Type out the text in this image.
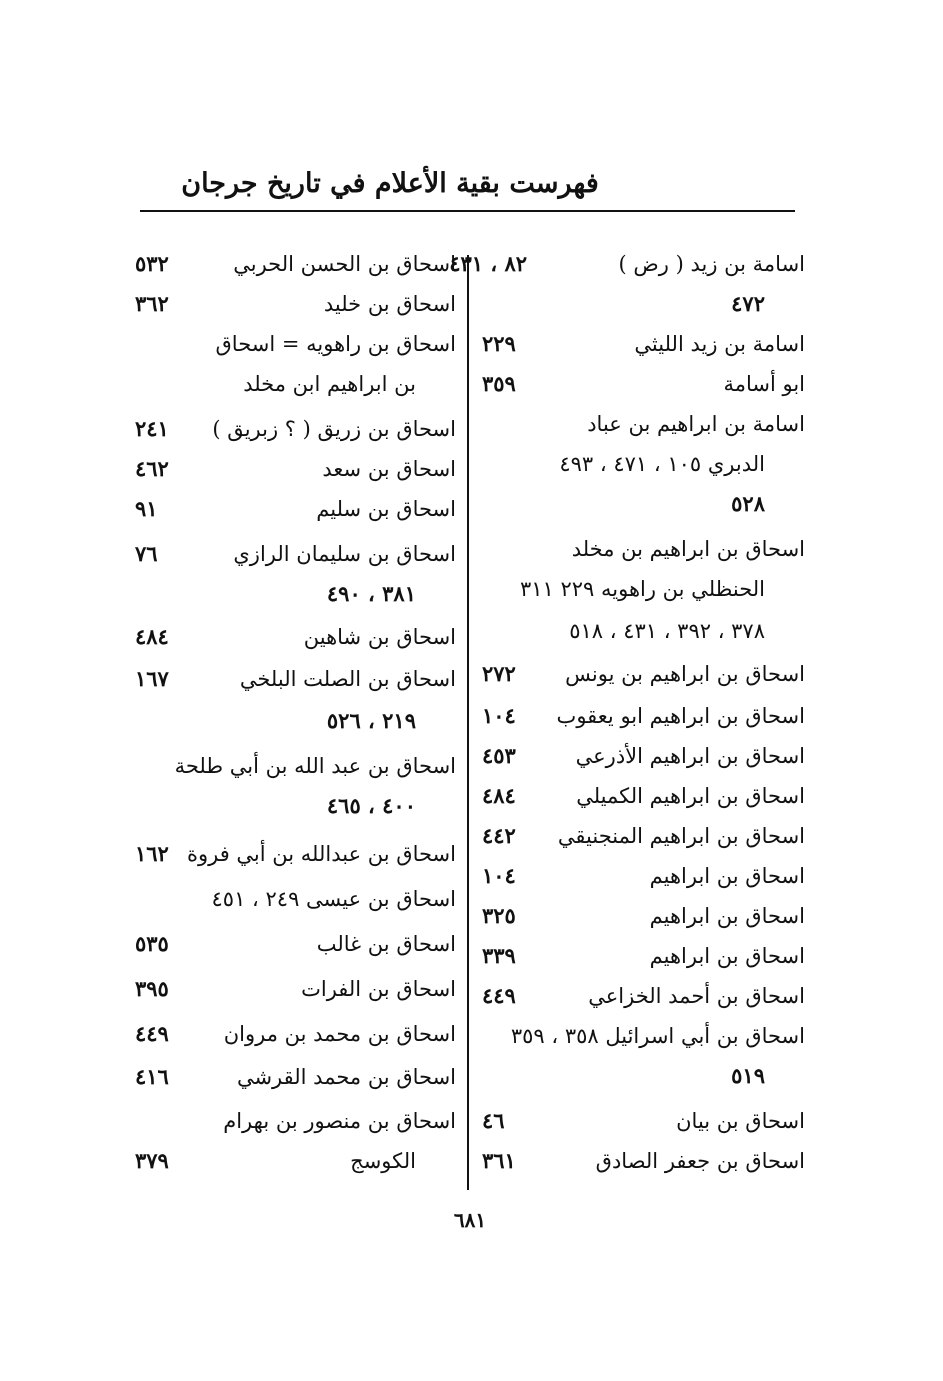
فهرست بقية الأعلام في تاريخ جرجان
اسامة بن زيد ( رض )
٨٢ ، ٤٣١
٤٧٢
اسامة بن زيد الليثي
٢٢٩
ابو أسامة
٣٥٩
اسامة بن ابراهيم بن عباد
الدبري ١٠٥ ، ٤٧١ ، ٤٩٣
٥٢٨
اسحاق بن ابراهيم بن مخلد
الحنظلي بن راهويه ٢٢٩ ٣١١
٣٧٨ ، ٣٩٢ ، ٤٣١ ، ٥١٨
اسحاق بن ابراهيم بن يونس
٢٧٢
اسحاق بن ابراهيم ابو يعقوب
١٠٤
اسحاق بن ابراهيم الأذرعي
٤٥٣
اسحاق بن ابراهيم الكميلي
٤٨٤
اسحاق بن ابراهيم المنجنيقي
٤٤٢
اسحاق بن ابراهيم
١٠٤
اسحاق بن ابراهيم
٣٢٥
اسحاق بن ابراهيم
٣٣٩
اسحاق بن أحمد الخزاعي
٤٤٩
اسحاق بن أبي اسرائيل ٣٥٨ ، ٣٥٩
٥١٩
اسحاق بن بيان
٤٦
اسحاق بن جعفر الصادق
٣٦١
اسحاق بن الحسن الحربي
٥٣٢
اسحاق بن خليد
٣٦٢
اسحاق بن راهويه = اسحاق
بن ابراهيم ابن مخلد
اسحاق بن زريق ( ؟ زبريق )
٢٤١
اسحاق بن سعد
٤٦٢
اسحاق بن سليم
٩١
اسحاق بن سليمان الرازي
٧٦
٣٨١ ، ٤٩٠
اسحاق بن شاهين
٤٨٤
اسحاق بن الصلت البلخي
١٦٧
٢١٩ ، ٥٢٦
اسحاق بن عبد الله بن أبي طلحة
٤٠٠ ، ٤٦٥
اسحاق بن عبدالله بن أبي فروة
١٦٢
اسحاق بن عيسى ٢٤٩ ، ٤٥١
اسحاق بن غالب
٥٣٥
اسحاق بن الفرات
٣٩٥
اسحاق بن محمد بن مروان
٤٤٩
اسحاق بن محمد القرشي
٤١٦
اسحاق بن منصور بن بهرام
الكوسج
٣٧٩
٦٨١
